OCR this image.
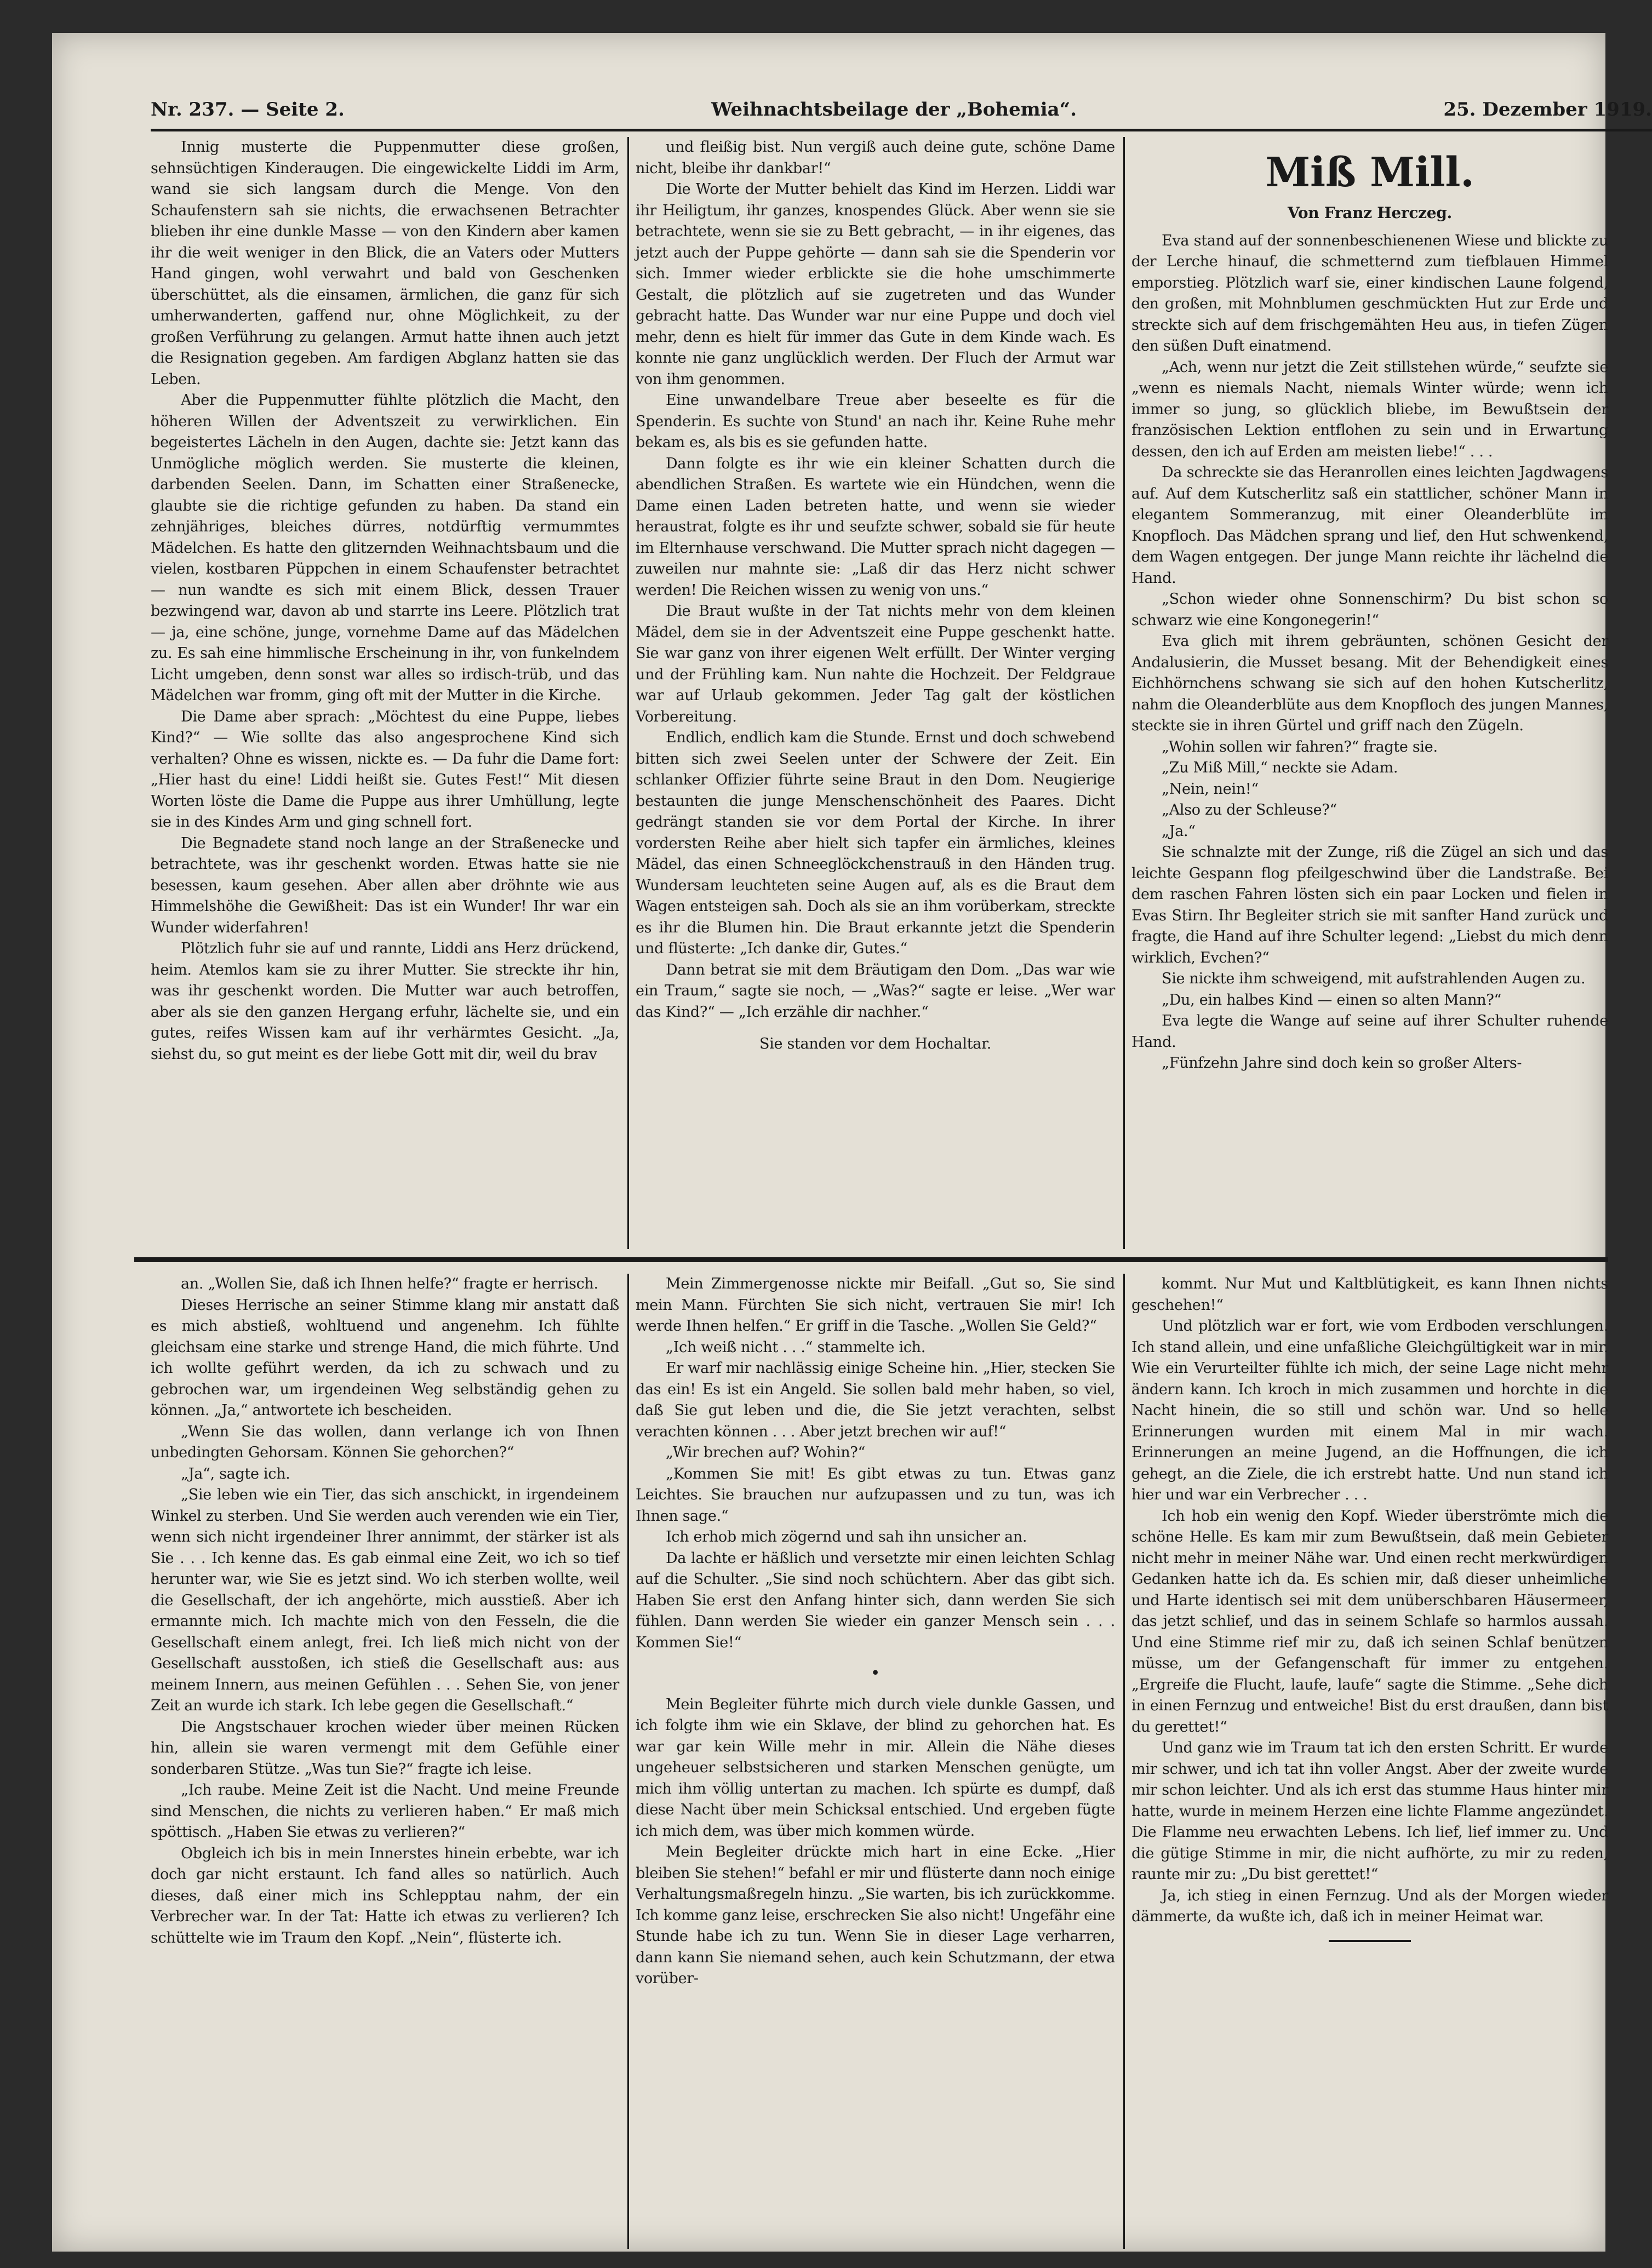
Nr. 237. — Seite 2.	Weihnachtsbeilage der „Bohemia“.	25. Dezember 1919.

Innig musterte die Puppenmutter diese großen, sehnsüchtigen Kinderaugen. Die eingewickelte Liddi im Arm, wand sie sich langsam durch die Menge. Von den Schaufenstern sah sie nichts, die erwachsenen Betrachter blieben ihr eine dunkle Masse — von den Kindern aber kamen ihr die weit weniger in den Blick, die an Vaters oder Mutters Hand gingen, wohl verwahrt und bald von Geschenken überschüttet, als die einsamen, ärmlichen, die ganz für sich umherwanderten, gaffend nur, ohne Möglichkeit, zu der großen Verführung zu gelangen. Armut hatte ihnen auch jetzt die Resignation gegeben. Am fardigen Abglanz hatten sie das Leben.

Aber die Puppenmutter fühlte plötzlich die Macht, den höheren Willen der Adventszeit zu verwirklichen. Ein begeistertes Lächeln in den Augen, dachte sie: Jetzt kann das Unmögliche möglich werden. Sie musterte die kleinen, darbenden Seelen. Dann, im Schatten einer Straßenecke, glaubte sie die richtige gefunden zu haben. Da stand ein zehnjähriges, bleiches dürres, notdürftig vermummtes Mädelchen. Es hatte den glitzernden Weihnachtsbaum und die vielen, kostbaren Püppchen in einem Schaufenster betrachtet — nun wandte es sich mit einem Blick, dessen Trauer bezwingend war, davon ab und starrte ins Leere. Plötzlich trat — ja, eine schöne, junge, vornehme Dame auf das Mädelchen zu. Es sah eine himmlische Erscheinung in ihr, von funkelndem Licht umgeben, denn sonst war alles so irdisch-trüb, und das Mädelchen war fromm, ging oft mit der Mutter in die Kirche.

Die Dame aber sprach: „Möchtest du eine Puppe, liebes Kind?“ — Wie sollte das also angesprochene Kind sich verhalten? Ohne es wissen, nickte es. — Da fuhr die Dame fort: „Hier hast du eine! Liddi heißt sie. Gutes Fest!“ Mit diesen Worten löste die Dame die Puppe aus ihrer Umhüllung, legte sie in des Kindes Arm und ging schnell fort.

Die Begnadete stand noch lange an der Straßenecke und betrachtete, was ihr geschenkt worden. Etwas hatte sie nie besessen, kaum gesehen. Aber allen aber dröhnte wie aus Himmelshöhe die Gewißheit: Das ist ein Wunder! Ihr war ein Wunder widerfahren!

Plötzlich fuhr sie auf und rannte, Liddi ans Herz drückend, heim. Atemlos kam sie zu ihrer Mutter. Sie streckte ihr hin, was ihr geschenkt worden. Die Mutter war auch betroffen, aber als sie den ganzen Hergang erfuhr, lächelte sie, und ein gutes, reifes Wissen kam auf ihr verhärmtes Gesicht. „Ja, siehst du, so gut meint es der liebe Gott mit dir, weil du brav

und fleißig bist. Nun vergiß auch deine gute, schöne Dame nicht, bleibe ihr dankbar!“

Die Worte der Mutter behielt das Kind im Herzen. Liddi war ihr Heiligtum, ihr ganzes, knospendes Glück. Aber wenn sie sie betrachtete, wenn sie sie zu Bett gebracht, — in ihr eigenes, das jetzt auch der Puppe gehörte — dann sah sie die Spenderin vor sich. Immer wieder erblickte sie die hohe umschimmerte Gestalt, die plötzlich auf sie zugetreten und das Wunder gebracht hatte. Das Wunder war nur eine Puppe und doch viel mehr, denn es hielt für immer das Gute in dem Kinde wach. Es konnte nie ganz unglücklich werden. Der Fluch der Armut war von ihm genommen.

Eine unwandelbare Treue aber beseelte es für die Spenderin. Es suchte von Stund' an nach ihr. Keine Ruhe mehr bekam es, als bis es sie gefunden hatte.

Dann folgte es ihr wie ein kleiner Schatten durch die abendlichen Straßen. Es wartete wie ein Hündchen, wenn die Dame einen Laden betreten hatte, und wenn sie wieder heraustrat, folgte es ihr und seufzte schwer, sobald sie für heute im Elternhause verschwand. Die Mutter sprach nicht dagegen — zuweilen nur mahnte sie: „Laß dir das Herz nicht schwer werden! Die Reichen wissen zu wenig von uns.“

Die Braut wußte in der Tat nichts mehr von dem kleinen Mädel, dem sie in der Adventszeit eine Puppe geschenkt hatte. Sie war ganz von ihrer eigenen Welt erfüllt. Der Winter verging und der Frühling kam. Nun nahte die Hochzeit. Der Feldgraue war auf Urlaub gekommen. Jeder Tag galt der köstlichen Vorbereitung.

Endlich, endlich kam die Stunde. Ernst und doch schwebend bitten sich zwei Seelen unter der Schwere der Zeit. Ein schlanker Offizier führte seine Braut in den Dom. Neugierige bestaunten die junge Menschenschönheit des Paares. Dicht gedrängt standen sie vor dem Portal der Kirche. In ihrer vordersten Reihe aber hielt sich tapfer ein ärmliches, kleines Mädel, das einen Schneeglöckchenstrauß in den Händen trug. Wundersam leuchteten seine Augen auf, als es die Braut dem Wagen entsteigen sah. Doch als sie an ihm vorüberkam, streckte es ihr die Blumen hin. Die Braut erkannte jetzt die Spenderin und flüsterte: „Ich danke dir, Gutes.“

Dann betrat sie mit dem Bräutigam den Dom. „Das war wie ein Traum,“ sagte sie noch, — „Was?“ sagte er leise. „Wer war das Kind?“ — „Ich erzähle dir nachher.“

Sie standen vor dem Hochaltar.

Miß Mill.
Von Franz Herczeg.

Eva stand auf der sonnenbeschienenen Wiese und blickte zu der Lerche hinauf, die schmetternd zum tiefblauen Himmel emporstieg. Plötzlich warf sie, einer kindischen Laune folgend, den großen, mit Mohnblumen geschmückten Hut zur Erde und streckte sich auf dem frischgemähten Heu aus, in tiefen Zügen den süßen Duft einatmend.

„Ach, wenn nur jetzt die Zeit stillstehen würde,“ seufzte sie „wenn es niemals Nacht, niemals Winter würde; wenn ich immer so jung, so glücklich bliebe, im Bewußtsein der französischen Lektion entflohen zu sein und in Erwartung dessen, den ich auf Erden am meisten liebe!“ . . .

Da schreckte sie das Heranrollen eines leichten Jagdwagens auf. Auf dem Kutscherlitz saß ein stattlicher, schöner Mann in elegantem Sommeranzug, mit einer Oleanderblüte im Knopfloch. Das Mädchen sprang und lief, den Hut schwenkend, dem Wagen entgegen. Der junge Mann reichte ihr lächelnd die Hand.

„Schon wieder ohne Sonnenschirm? Du bist schon so schwarz wie eine Kongonegerin!“

Eva glich mit ihrem gebräunten, schönen Gesicht der Andalusierin, die Musset besang. Mit der Behendigkeit eines Eichhörnchens schwang sie sich auf den hohen Kutscherlitz, nahm die Oleanderblüte aus dem Knopfloch des jungen Mannes, steckte sie in ihren Gürtel und griff nach den Zügeln.

„Wohin sollen wir fahren?“ fragte sie.

„Zu Miß Mill,“ neckte sie Adam.

„Nein, nein!“

„Also zu der Schleuse?“

„Ja.“

Sie schnalzte mit der Zunge, riß die Zügel an sich und das leichte Gespann flog pfeilgeschwind über die Landstraße. Bei dem raschen Fahren lösten sich ein paar Locken und fielen in Evas Stirn. Ihr Begleiter strich sie mit sanfter Hand zurück und fragte, die Hand auf ihre Schulter legend: „Liebst du mich denn wirklich, Evchen?“

Sie nickte ihm schweigend, mit aufstrahlenden Augen zu.

„Du, ein halbes Kind — einen so alten Mann?“

Eva legte die Wange auf seine auf ihrer Schulter ruhende Hand.

„Fünfzehn Jahre sind doch kein so großer Alters-

an. „Wollen Sie, daß ich Ihnen helfe?“ fragte er herrisch.

Dieses Herrische an seiner Stimme klang mir anstatt daß es mich abstieß, wohltuend und angenehm. Ich fühlte gleichsam eine starke und strenge Hand, die mich führte. Und ich wollte geführt werden, da ich zu schwach und zu gebrochen war, um irgendeinen Weg selbständig gehen zu können. „Ja,“ antwortete ich bescheiden.

„Wenn Sie das wollen, dann verlange ich von Ihnen unbedingten Gehorsam. Können Sie gehorchen?“

„Ja“, sagte ich.

„Sie leben wie ein Tier, das sich anschickt, in irgendeinem Winkel zu sterben. Und Sie werden auch verenden wie ein Tier, wenn sich nicht irgendeiner Ihrer annimmt, der stärker ist als Sie . . . Ich kenne das. Es gab einmal eine Zeit, wo ich so tief herunter war, wie Sie es jetzt sind. Wo ich sterben wollte, weil die Gesellschaft, der ich angehörte, mich ausstieß. Aber ich ermannte mich. Ich machte mich von den Fesseln, die die Gesellschaft einem anlegt, frei. Ich ließ mich nicht von der Gesellschaft ausstoßen, ich stieß die Gesellschaft aus: aus meinem Innern, aus meinen Gefühlen . . . Sehen Sie, von jener Zeit an wurde ich stark. Ich lebe gegen die Gesellschaft.“

Die Angstschauer krochen wieder über meinen Rücken hin, allein sie waren vermengt mit dem Gefühle einer sonderbaren Stütze. „Was tun Sie?“ fragte ich leise.

„Ich raube. Meine Zeit ist die Nacht. Und meine Freunde sind Menschen, die nichts zu verlieren haben.“ Er maß mich spöttisch. „Haben Sie etwas zu verlieren?“

Obgleich ich bis in mein Innerstes hinein erbebte, war ich doch gar nicht erstaunt. Ich fand alles so natürlich. Auch dieses, daß einer mich ins Schlepptau nahm, der ein Verbrecher war. In der Tat: Hatte ich etwas zu verlieren? Ich schüttelte wie im Traum den Kopf. „Nein“, flüsterte ich.

Mein Zimmergenosse nickte mir Beifall. „Gut so, Sie sind mein Mann. Fürchten Sie sich nicht, vertrauen Sie mir! Ich werde Ihnen helfen.“ Er griff in die Tasche. „Wollen Sie Geld?“

„Ich weiß nicht . . .“ stammelte ich.

Er warf mir nachlässig einige Scheine hin. „Hier, stecken Sie das ein! Es ist ein Angeld. Sie sollen bald mehr haben, so viel, daß Sie gut leben und die, die Sie jetzt verachten, selbst verachten können . . . Aber jetzt brechen wir auf!“

„Wir brechen auf? Wohin?“

„Kommen Sie mit! Es gibt etwas zu tun. Etwas ganz Leichtes. Sie brauchen nur aufzupassen und zu tun, was ich Ihnen sage.“

Ich erhob mich zögernd und sah ihn unsicher an.

Da lachte er häßlich und versetzte mir einen leichten Schlag auf die Schulter. „Sie sind noch schüchtern. Aber das gibt sich. Haben Sie erst den Anfang hinter sich, dann werden Sie sich fühlen. Dann werden Sie wieder ein ganzer Mensch sein . . . Kommen Sie!“

•

Mein Begleiter führte mich durch viele dunkle Gassen, und ich folgte ihm wie ein Sklave, der blind zu gehorchen hat. Es war gar kein Wille mehr in mir. Allein die Nähe dieses ungeheuer selbstsicheren und starken Menschen genügte, um mich ihm völlig untertan zu machen. Ich spürte es dumpf, daß diese Nacht über mein Schicksal entschied. Und ergeben fügte ich mich dem, was über mich kommen würde.

Mein Begleiter drückte mich hart in eine Ecke. „Hier bleiben Sie stehen!“ befahl er mir und flüsterte dann noch einige Verhaltungsmaßregeln hinzu. „Sie warten, bis ich zurückkomme. Ich komme ganz leise, erschrecken Sie also nicht! Ungefähr eine Stunde habe ich zu tun. Wenn Sie in dieser Lage verharren, dann kann Sie niemand sehen, auch kein Schutzmann, der etwa vorüber-

kommt. Nur Mut und Kaltblütigkeit, es kann Ihnen nichts geschehen!“

Und plötzlich war er fort, wie vom Erdboden verschlungen. Ich stand allein, und eine unfaßliche Gleichgültigkeit war in mir. Wie ein Verurteilter fühlte ich mich, der seine Lage nicht mehr ändern kann. Ich kroch in mich zusammen und horchte in die Nacht hinein, die so still und schön war. Und so helle Erinnerungen wurden mit einem Mal in mir wach. Erinnerungen an meine Jugend, an die Hoffnungen, die ich gehegt, an die Ziele, die ich erstrebt hatte. Und nun stand ich hier und war ein Verbrecher . . .

Ich hob ein wenig den Kopf. Wieder überströmte mich die schöne Helle. Es kam mir zum Bewußtsein, daß mein Gebieter nicht mehr in meiner Nähe war. Und einen recht merkwürdigen Gedanken hatte ich da. Es schien mir, daß dieser unheimliche und Harte identisch sei mit dem unüberschbaren Häusermeer, das jetzt schlief, und das in seinem Schlafe so harmlos aussah. Und eine Stimme rief mir zu, daß ich seinen Schlaf benützen müsse, um der Gefangenschaft für immer zu entgehen. „Ergreife die Flucht, laufe, laufe“ sagte die Stimme. „Sehe dich in einen Fernzug und entweiche! Bist du erst draußen, dann bist du gerettet!“

Und ganz wie im Traum tat ich den ersten Schritt. Er wurde mir schwer, und ich tat ihn voller Angst. Aber der zweite wurde mir schon leichter. Und als ich erst das stumme Haus hinter mir hatte, wurde in meinem Herzen eine lichte Flamme angezündet. Die Flamme neu erwachten Lebens. Ich lief, lief immer zu. Und die gütige Stimme in mir, die nicht aufhörte, zu mir zu reden, raunte mir zu: „Du bist gerettet!“

Ja, ich stieg in einen Fernzug. Und als der Morgen wieder dämmerte, da wußte ich, daß ich in meiner Heimat war.
